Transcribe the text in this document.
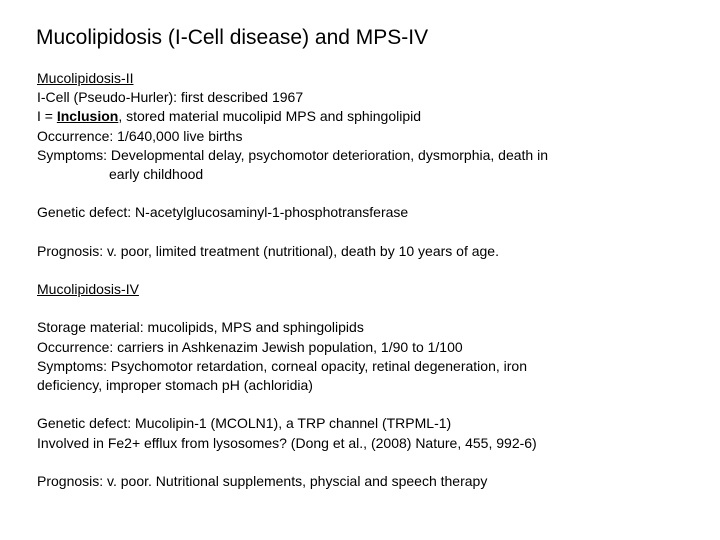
Mucolipidosis (I-Cell disease) and MPS-IV
Mucolipidosis-II
I-Cell (Pseudo-Hurler): first described 1967
I = Inclusion, stored material mucolipid MPS and sphingolipid
Occurrence: 1/640,000 live births
Symptoms: Developmental delay, psychomotor deterioration, dysmorphia, death in
early childhood
Genetic defect: N-acetylglucosaminyl-1-phosphotransferase
Prognosis: v. poor, limited treatment (nutritional), death by 10 years of age.
Mucolipidosis-IV
Storage material: mucolipids, MPS and sphingolipids
Occurrence: carriers in Ashkenazim Jewish population, 1/90 to 1/100
Symptoms: Psychomotor retardation, corneal opacity, retinal degeneration, iron
deficiency, improper stomach pH (achloridia)
Genetic defect: Mucolipin-1 (MCOLN1), a TRP channel (TRPML-1)
Involved in Fe2+ efflux from lysosomes? (Dong et al., (2008) Nature, 455, 992-6)
Prognosis: v. poor. Nutritional supplements, physcial and speech therapy
